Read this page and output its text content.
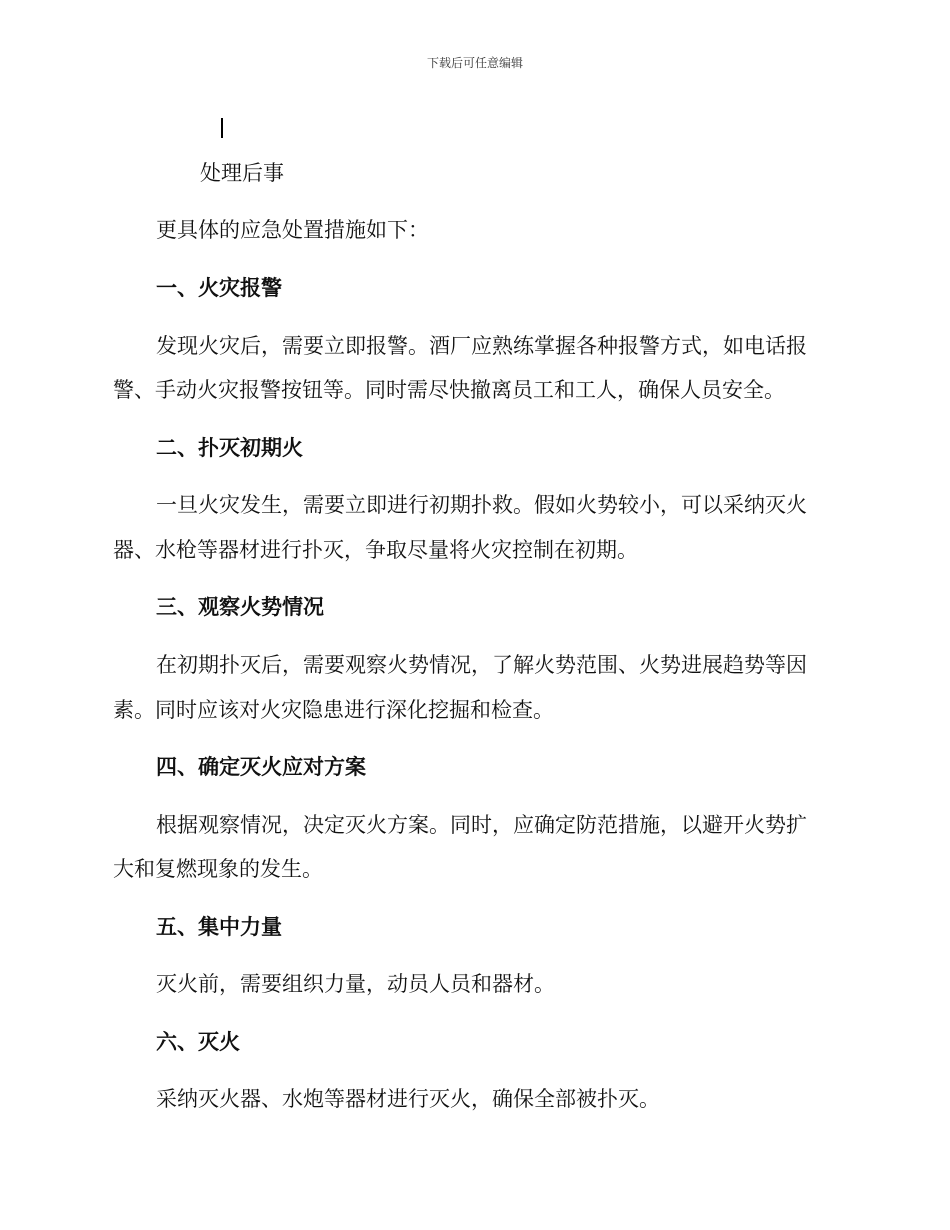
下载后可任意编辑
处理后事
更具体的应急处置措施如下：
一、火灾报警
发现火灾后，需要立即报警。酒厂应熟练掌握各种报警方式，如电话报
警、手动火灾报警按钮等。同时需尽快撤离员工和工人，确保人员安全。
二、扑灭初期火
一旦火灾发生，需要立即进行初期扑救。假如火势较小，可以采纳灭火
器、水枪等器材进行扑灭，争取尽量将火灾控制在初期。
三、观察火势情况
在初期扑灭后，需要观察火势情况，了解火势范围、火势进展趋势等因
素。同时应该对火灾隐患进行深化挖掘和检查。
四、确定灭火应对方案
根据观察情况，决定灭火方案。同时，应确定防范措施，以避开火势扩
大和复燃现象的发生。
五、集中力量
灭火前，需要组织力量，动员人员和器材。
六、灭火
采纳灭火器、水炮等器材进行灭火，确保全部被扑灭。
